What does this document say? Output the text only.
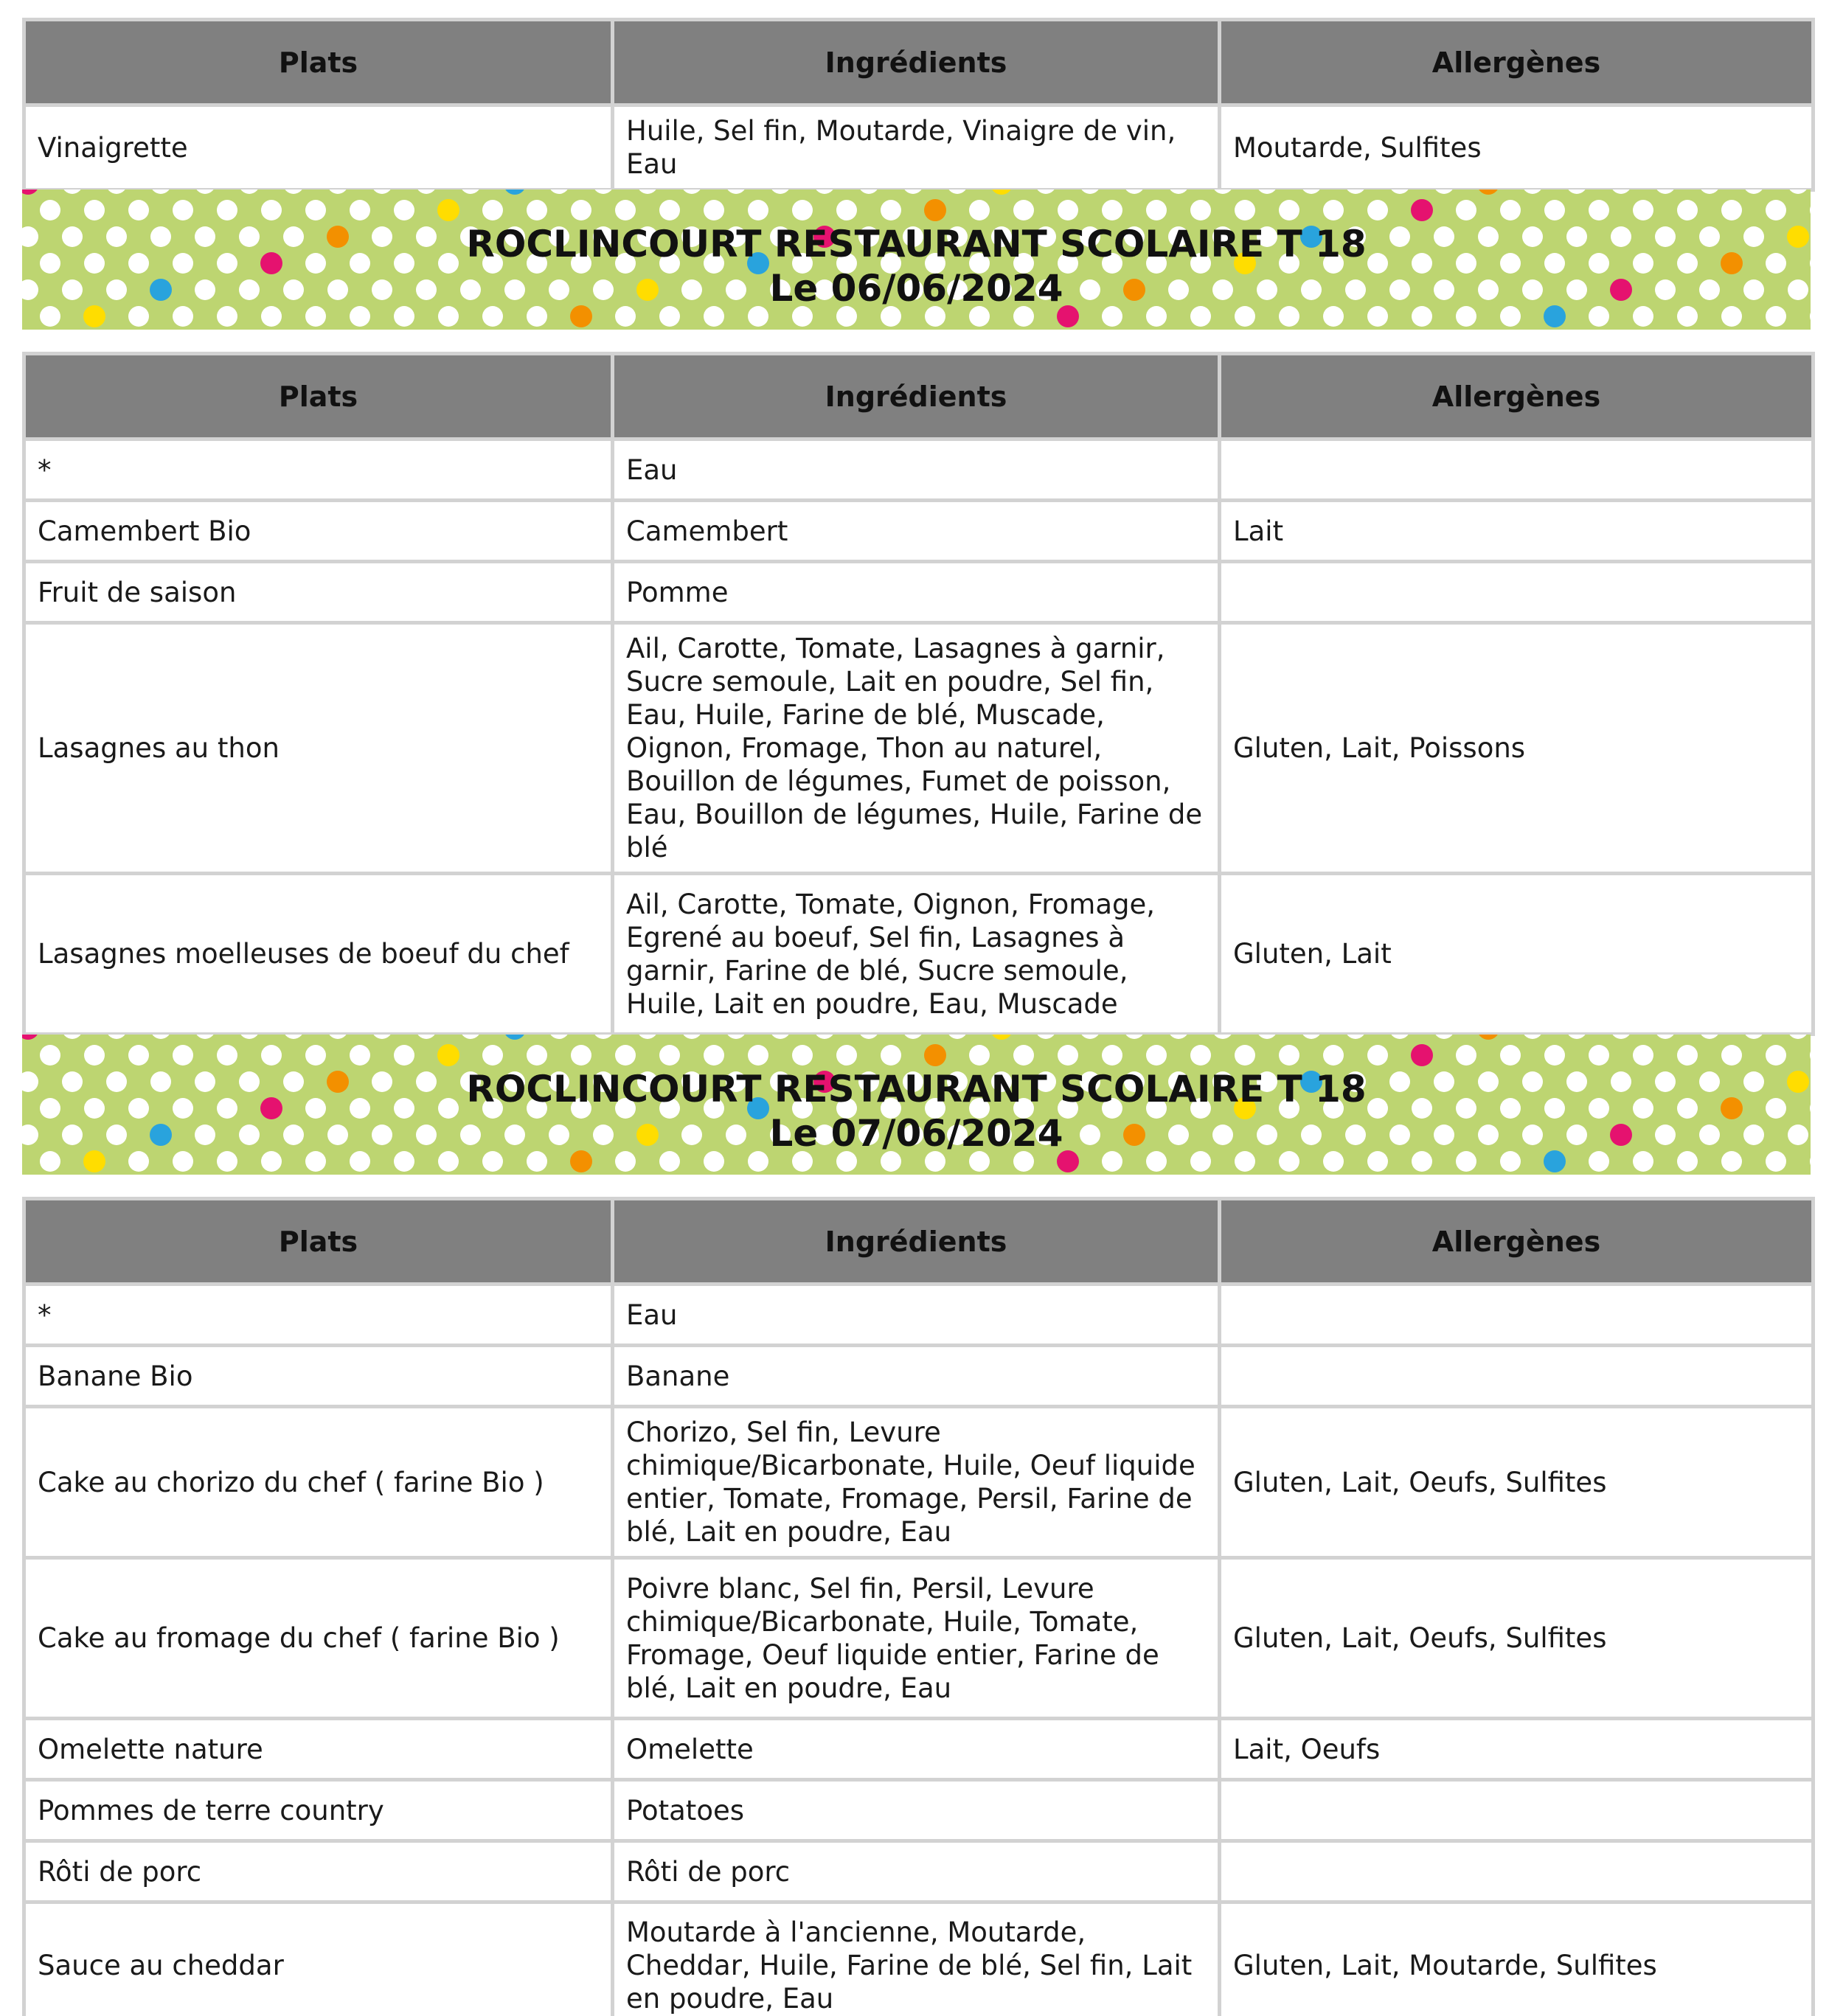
Plats	Ingrédients	Allergènes
Vinaigrette	Huile, Sel fin, Moutarde, Vinaigre de vin, Eau	Moutarde, Sulfites
ROCLINCOURT RESTAURANT SCOLAIRE T 18
Le 06/06/2024
Plats	Ingrédients	Allergènes
*	Eau	
Camembert Bio	Camembert	Lait
Fruit de saison	Pomme	
Lasagnes au thon	Ail, Carotte, Tomate, Lasagnes à garnir, Sucre semoule, Lait en poudre, Sel fin, Eau, Huile, Farine de blé, Muscade, Oignon, Fromage, Thon au naturel, Bouillon de légumes, Fumet de poisson, Eau, Bouillon de légumes, Huile, Farine de blé	Gluten, Lait, Poissons
Lasagnes moelleuses de boeuf du chef	Ail, Carotte, Tomate, Oignon, Fromage, Egrené au boeuf, Sel fin, Lasagnes à garnir, Farine de blé, Sucre semoule, Huile, Lait en poudre, Eau, Muscade	Gluten, Lait
ROCLINCOURT RESTAURANT SCOLAIRE T 18
Le 07/06/2024
Plats	Ingrédients	Allergènes
*	Eau	
Banane Bio	Banane	
Cake au chorizo du chef ( farine Bio )	Chorizo, Sel fin, Levure chimique/Bicarbonate, Huile, Oeuf liquide entier, Tomate, Fromage, Persil, Farine de blé, Lait en poudre, Eau	Gluten, Lait, Oeufs, Sulfites
Cake au fromage du chef ( farine Bio )	Poivre blanc, Sel fin, Persil, Levure chimique/Bicarbonate, Huile, Tomate, Fromage, Oeuf liquide entier, Farine de blé, Lait en poudre, Eau	Gluten, Lait, Oeufs, Sulfites
Omelette nature	Omelette	Lait, Oeufs
Pommes de terre country	Potatoes	
Rôti de porc	Rôti de porc	
Sauce au cheddar	Moutarde à l'ancienne, Moutarde, Cheddar, Huile, Farine de blé, Sel fin, Lait en poudre, Eau	Gluten, Lait, Moutarde, Sulfites
